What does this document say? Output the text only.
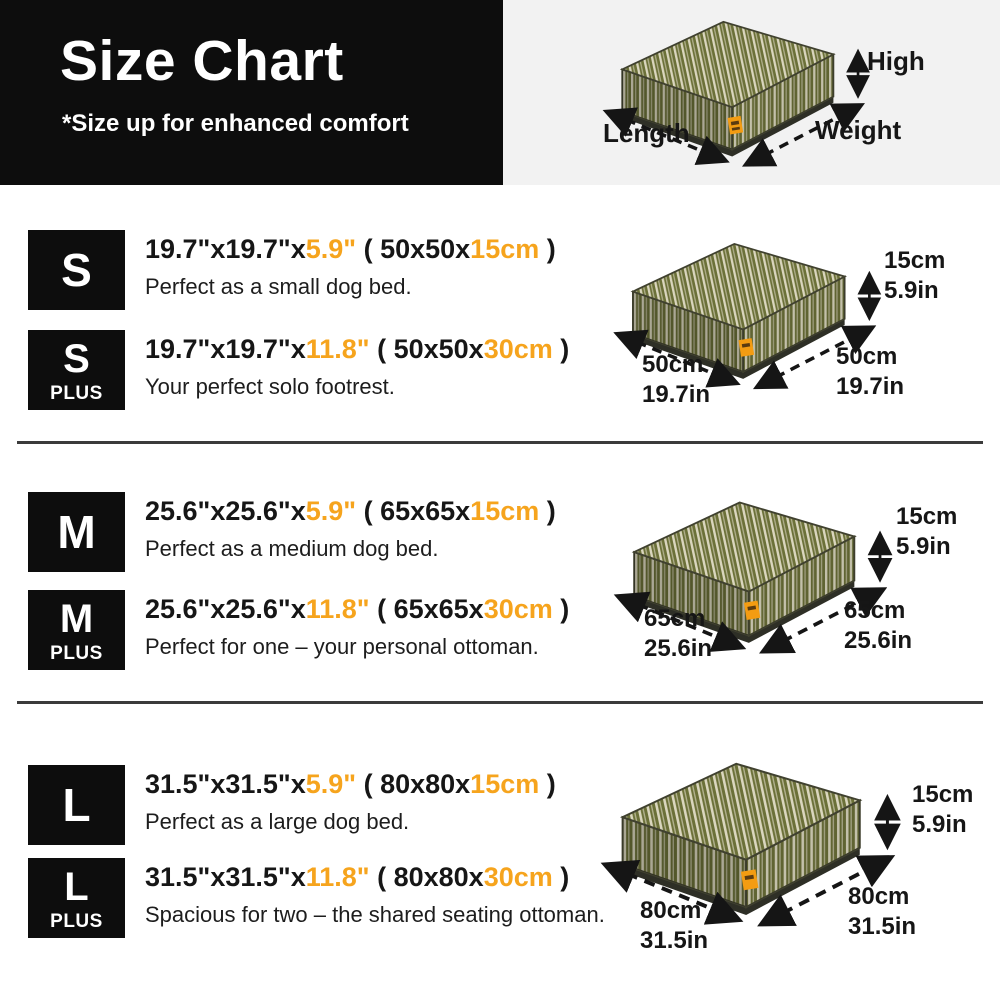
Size Chart
*Size up for enhanced comfort	Length	Weight
High
S 19.7"x19.7"x5.9" ( 50x50x15cm )
Perfect as a small dog bed.
S
PLUS
19.7"x19.7"x11.8" ( 50x50x30cm )
Your perfect solo footrest.
15cm
5.9in
50cm
19.7in
50cm
19.7in
M 25.6"x25.6"x5.9" ( 65x65x15cm )
Perfect as a medium dog bed.
M
PLUS
25.6"x25.6"x11.8" ( 65x65x30cm )
Perfect for one – your personal ottoman.
15cm
5.9in
65cm
25.6in
65cm
25.6in
L 31.5"x31.5"x5.9" ( 80x80x15cm )
Perfect as a large dog bed.
L
PLUS
31.5"x31.5"x11.8" ( 80x80x30cm )
Spacious for two – the shared seating ottoman.
15cm
5.9in
80cm
31.5in
80cm
31.5in
